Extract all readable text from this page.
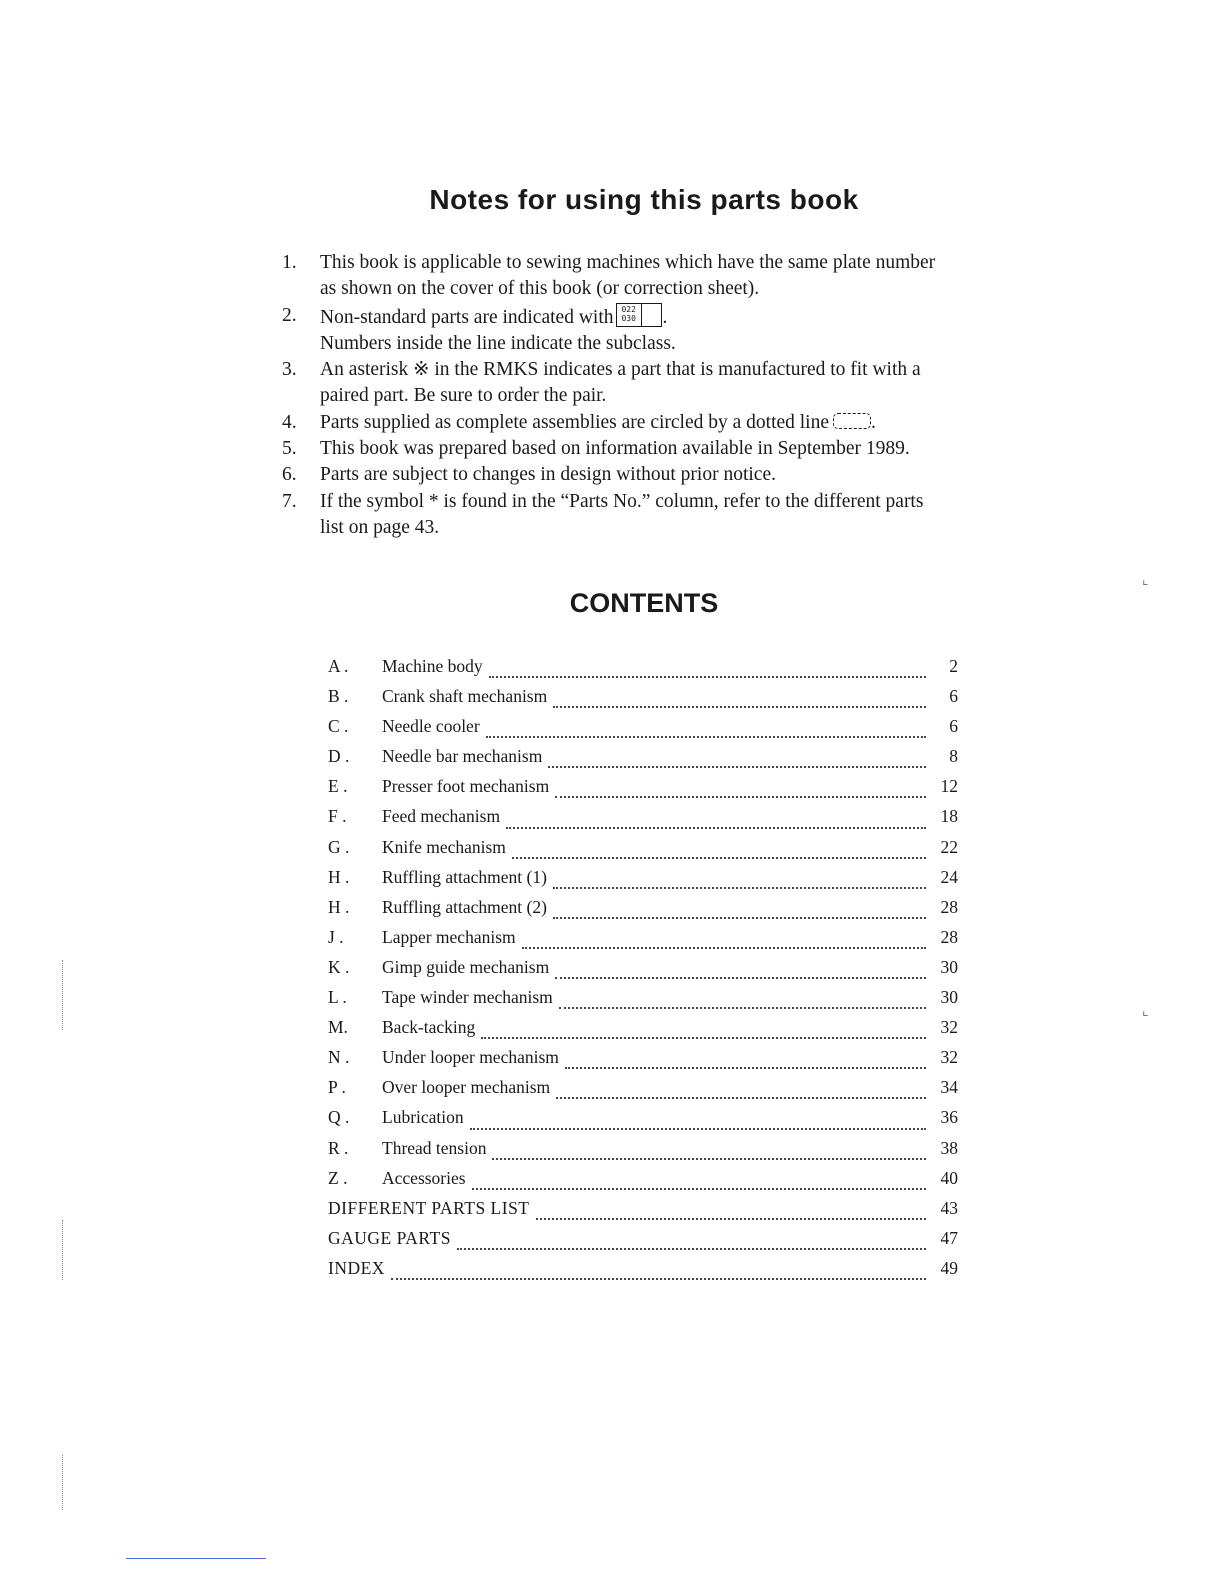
Notes for using this parts book
1.	This book is applicable to sewing machines which have the same plate number
as shown on the cover of this book (or correction sheet).
2.	Non-standard parts are indicated with 022
030 .
Numbers inside the line indicate the subclass.
3.	An asterisk ※ in the RMKS indicates a part that is manufactured to fit with a
paired part. Be sure to order the pair.
4.	Parts supplied as complete assemblies are circled by a dotted line .
5.	This book was prepared based on information available in September 1989.
6.	Parts are subject to changes in design without prior notice.
7.	If the symbol * is found in the “Parts No.” column, refer to the different parts
list on page 43.
CONTENTS
A .	Machine body	2
B .	Crank shaft mechanism	6
C .	Needle cooler	6
D .	Needle bar mechanism	8
E .	Presser foot mechanism	12
F .	Feed mechanism	18
G .	Knife mechanism	22
H .	Ruffling attachment (1)	24
H .	Ruffling attachment (2)	28
J .	Lapper mechanism	28
K .	Gimp guide mechanism	30
L .	Tape winder mechanism	30
M.	Back-tacking	32
N .	Under looper mechanism	32
P .	Over looper mechanism	34
Q .	Lubrication	36
R .	Thread tension	38
Z .	Accessories	40
DIFFERENT PARTS LIST	43
GAUGE PARTS	47
INDEX	49
⌞
⌞
